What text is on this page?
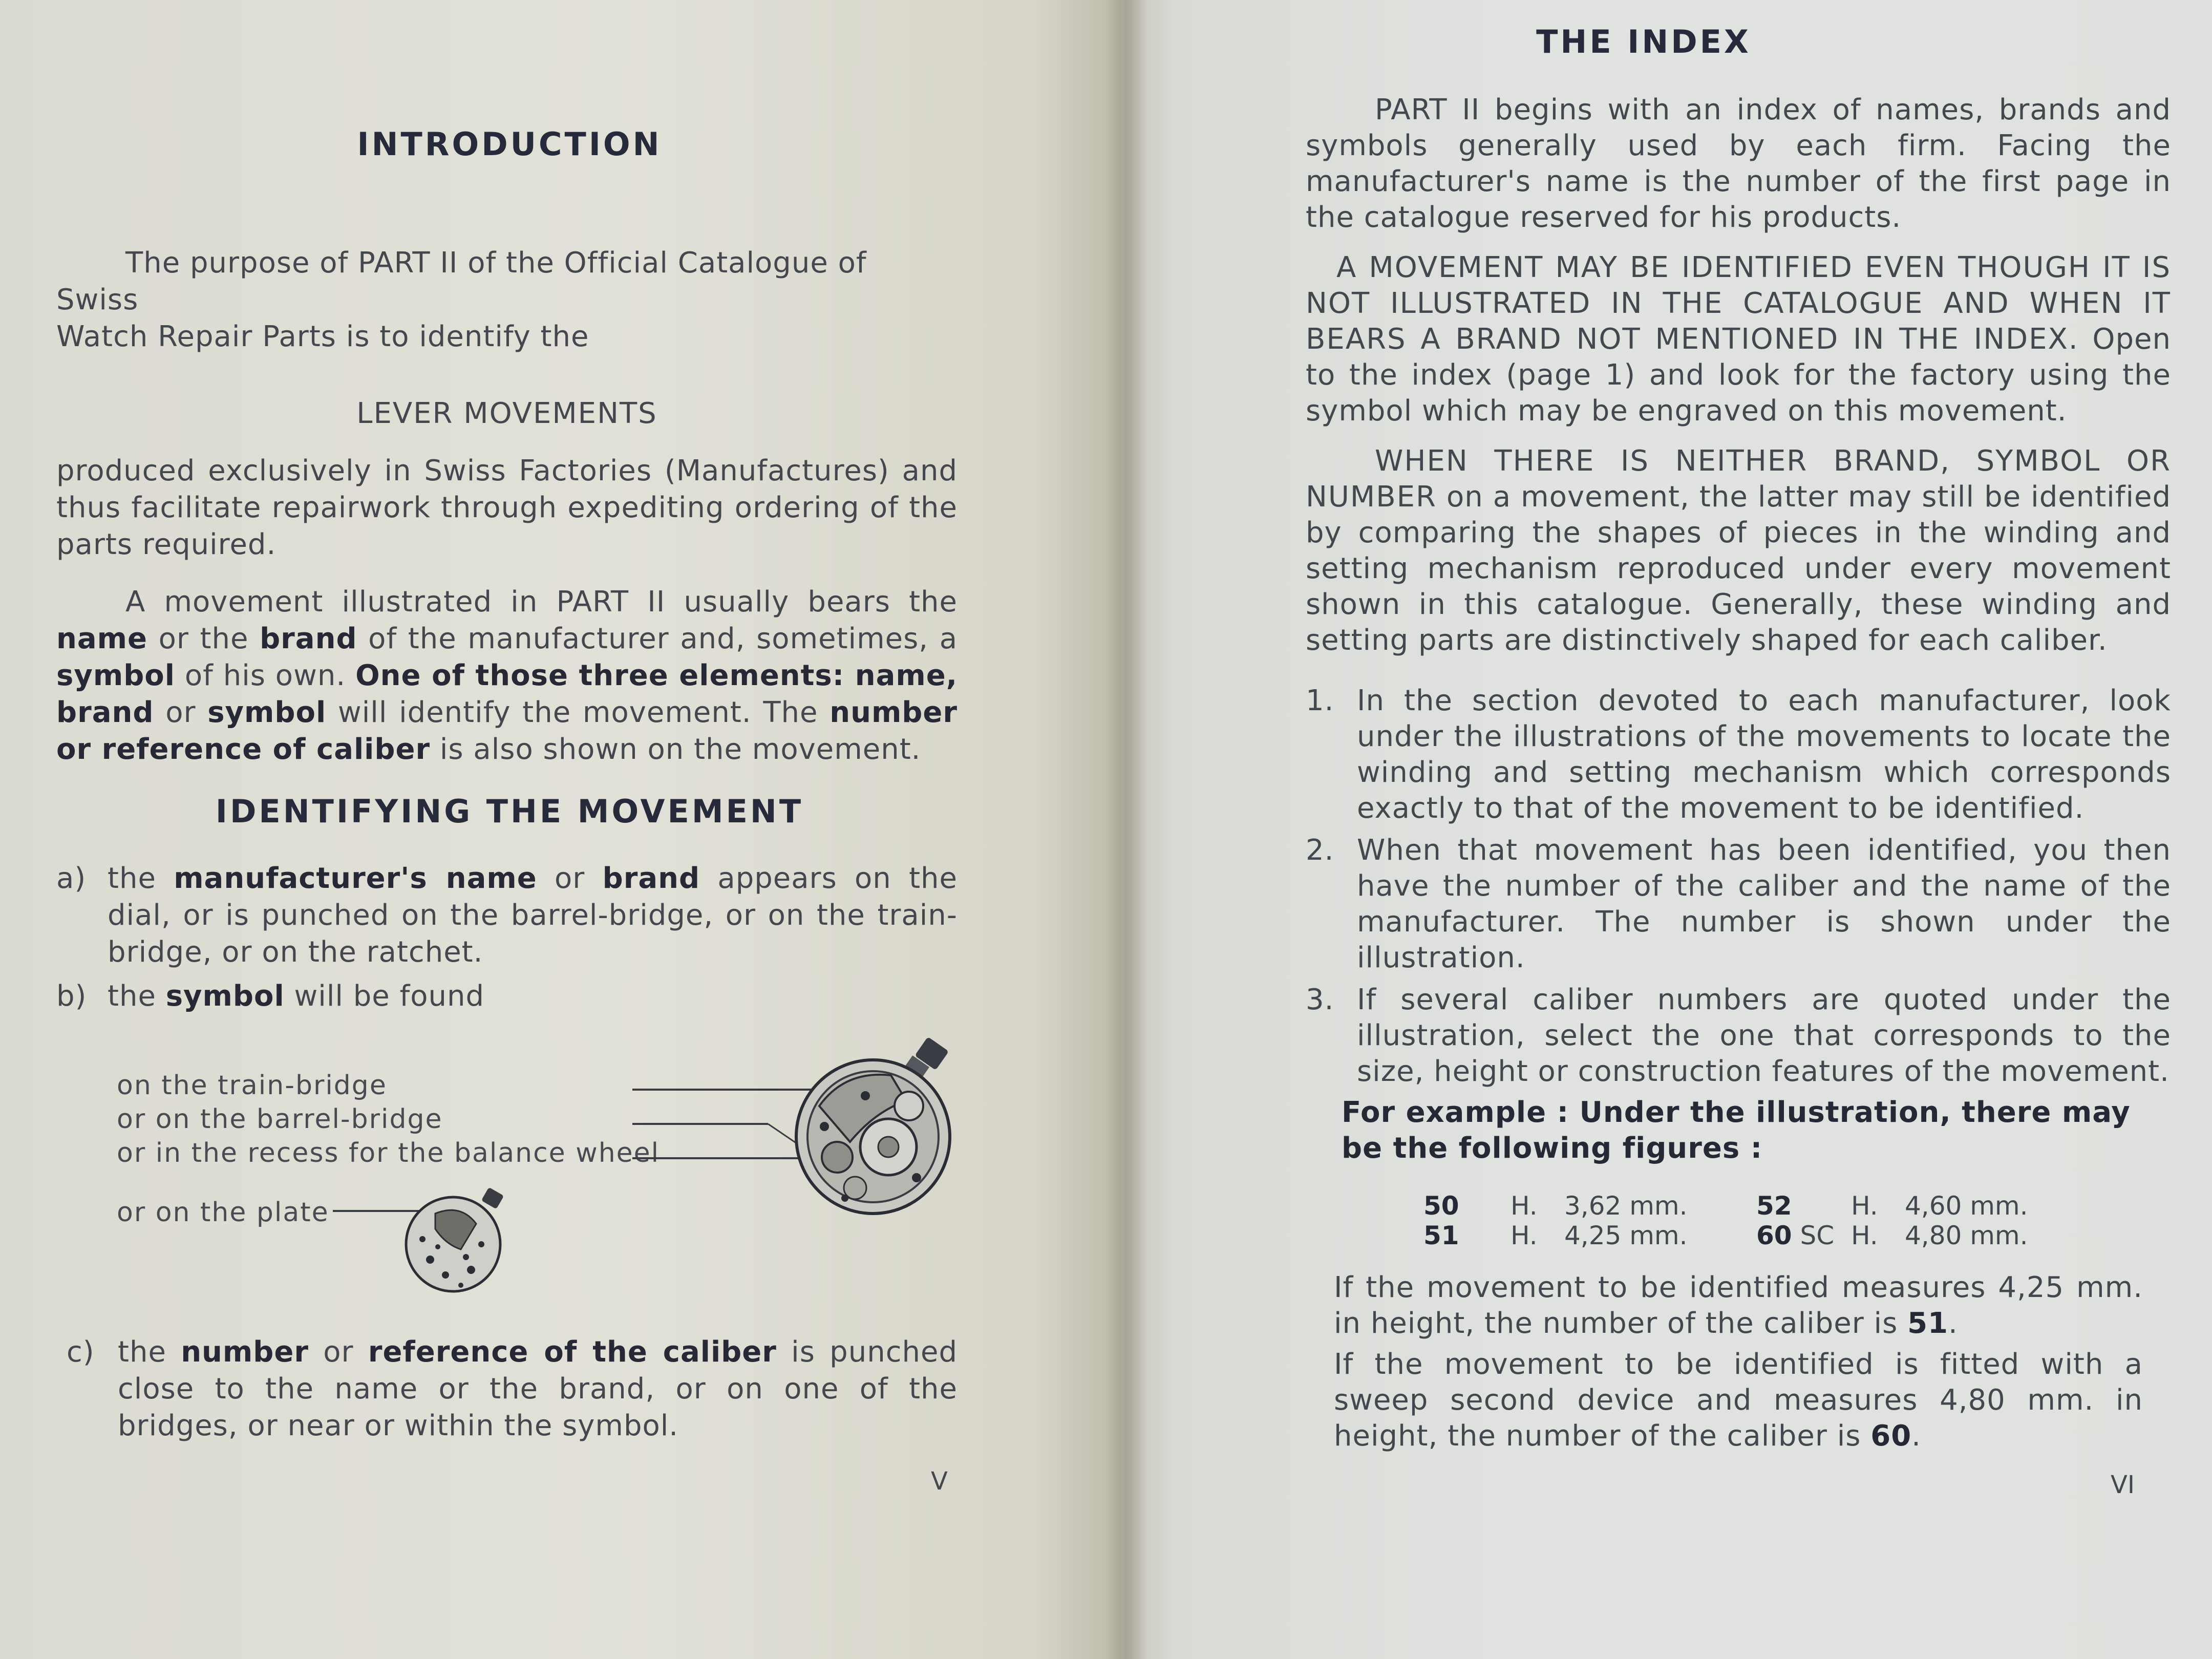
INTRODUCTION

The purpose of PART II of the Official Catalogue of Swiss

Watch Repair Parts is to identify the

LEVER MOVEMENTS

produced exclusively in Swiss Factories (Manufactures) and thus facilitate repairwork through expediting ordering of the parts required.

A movement illustrated in PART II usually bears the name or the brand of the manufacturer and, sometimes, a symbol of his own. One of those three elements: name, brand or symbol will identify the movement. The number or reference of caliber is also shown on the movement.

IDENTIFYING THE MOVEMENT
a) the manufacturer's name or brand appears on the dial, or is punched on the barrel-bridge, or on the train-bridge, or on the ratchet.
b) the symbol will be found
on the train-bridge
or on the barrel-bridge
or in the recess for the balance wheel
or on the plate
c) the number or reference of the caliber is punched close to the name or the brand, or on one of the bridges, or near or within the symbol.
V
THE INDEX

PART II begins with an index of names, brands and symbols generally used by each firm. Facing the manufacturer's name is the number of the first page in the catalogue reserved for his products.

A MOVEMENT MAY BE IDENTIFIED EVEN THOUGH IT IS NOT ILLUSTRATED IN THE CATALOGUE AND WHEN IT BEARS A BRAND NOT MENTIONED IN THE INDEX. Open to the index (page 1) and look for the factory using the symbol which may be engraved on this movement.

WHEN THERE IS NEITHER BRAND, SYMBOL OR NUMBER on a movement, the latter may still be identified by comparing the shapes of pieces in the winding and setting mechanism reproduced under every movement shown in this catalogue. Generally, these winding and setting parts are distinctively shaped for each caliber.

1. In the section devoted to each manufacturer, look under the illustrations of the movements to locate the winding and setting mechanism which corresponds exactly to that of the movement to be identified.
2. When that movement has been identified, you then have the number of the caliber and the name of the manufacturer. The number is shown under the illustration.
3. If several caliber numbers are quoted under the illustration, select the one that corresponds to the size, height or construction features of the movement.

For example : Under the illustration, there may be the following figures :

50 H. 3,62 mm.
51 H. 4,25 mm.
52 H. 4,60 mm.
60 SC H. 4,80 mm.

If the movement to be identified measures 4,25 mm. in height, the number of the caliber is 51.

If the movement to be identified is fitted with a sweep second device and measures 4,80 mm. in height, the number of the caliber is 60.

VI
